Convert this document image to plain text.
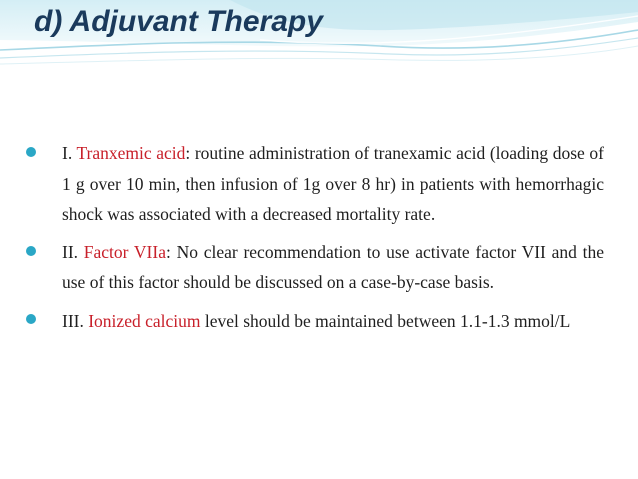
d) Adjuvant Therapy
I. Tranxemic acid: routine administration of tranexamic acid (loading dose of 1 g over 10 min, then infusion of 1g over 8 hr) in patients with hemorrhagic shock was associated with a decreased mortality rate.
II. Factor VIIa: No clear recommendation to use activate factor VII and the use of this factor should be discussed on a case-by-case basis.
III. Ionized calcium level should be maintained between 1.1-1.3 mmol/L
